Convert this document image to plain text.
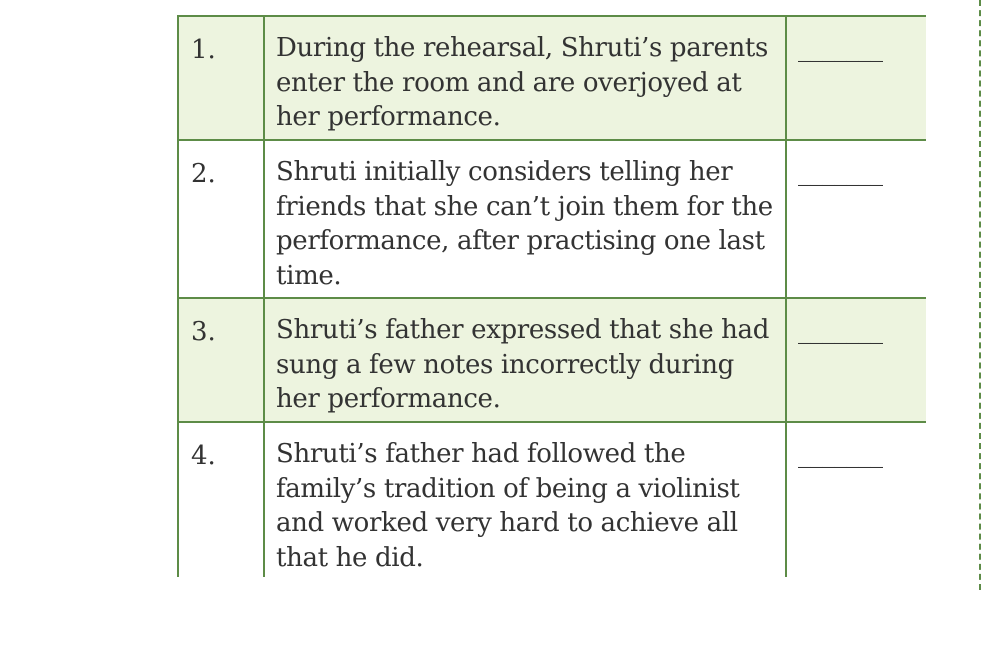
1.	During the rehearsal, Shruti’s parents enter the room and are overjoyed at her performance.	_______

2.	Shruti initially considers telling her friends that she can’t join them for the performance, after practising one last time.	_______

3.	Shruti’s father expressed that she had sung a few notes incorrectly during her performance.	_______

4.	Shruti’s father had followed the family’s tradition of being a violinist and worked very hard to achieve all that he did.	_______
